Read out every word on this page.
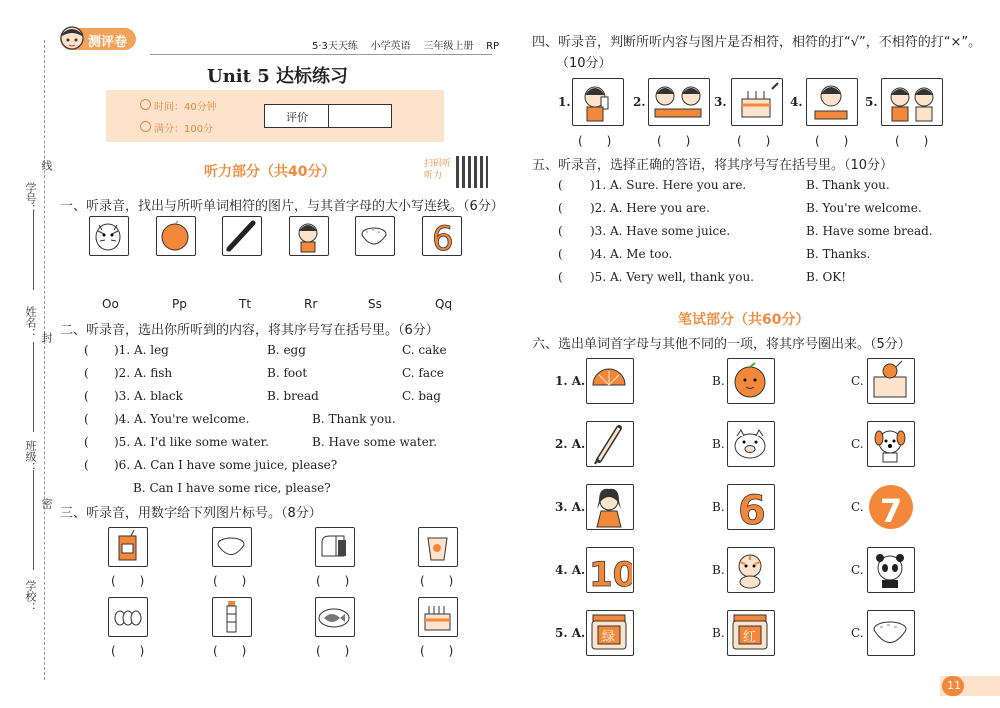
学号：
线
姓名： 封
班级：
密
学校：
测评卷	5·3天天练 小学英语 三年级上册 RP
Unit 5 达标练习
时间：40分钟
满分：100分
评价
听力部分（共40分）	扫码听听力
一、听录音，找出与所听单词相符的图片，与其首字母的大小写连线。（6分）
6
Oo	Pp	Tt	Rr	Ss	Qq
二、听录音，选出你所听到的内容，将其序号写在括号里。（6分）
( )1. A. leg	B. egg	C. cake
( )2. A. fish	B. foot	C. face
( )3. A. black	B. bread	C. bag
( )4. A. You're welcome.	B. Thank you.
( )5. A. I'd like some water.	B. Have some water.
( )6. A. Can I have some juice, please?
B. Can I have some rice, please?
三、听录音，用数字给下列图片标号。（8分）
(　　)	(　　)	(　　)	(　　)
(　　)	(　　)	(　　)	(　　)
四、听录音，判断所听内容与图片是否相符，相符的打“√”，不相符的打“×”。
（10分）
1.	2.	3.	4.	5.
(　　)	(　　)	(　　)	(　　)	(　　)
五、听录音，选择正确的答语，将其序号写在括号里。（10分）
( )1. A. Sure. Here you are.	B. Thank you.
( )2. A. Here you are.	B. You're welcome.
( )3. A. Have some juice.	B. Have some bread.
( )4. A. Me too.	B. Thanks.
( )5. A. Very well, thank you.	B. OK!
笔试部分（共60分）
六、选出单词首字母与其他不同的一项，将其序号圈出来。（5分）
1. A.	B.	C.
2. A.	B.	C.
3. A.	B.	C.
6	7
4. A.	B.	C.
10
5. A.	B.	C.
绿	红
11
